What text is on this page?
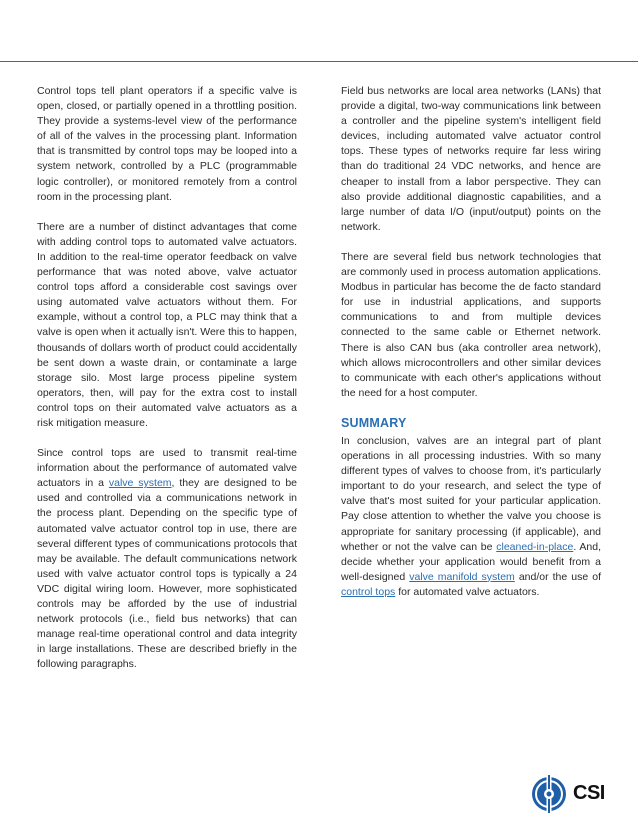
Control tops tell plant operators if a specific valve is open, closed, or partially opened in a throttling position. They provide a systems-level view of the performance of all of the valves in the processing plant. Information that is transmitted by control tops may be looped into a system network, controlled by a PLC (programmable logic controller), or monitored remotely from a control room in the processing plant.

There are a number of distinct advantages that come with adding control tops to automated valve actuators. In addition to the real-time operator feedback on valve performance that was noted above, valve actuator control tops afford a considerable cost savings over using automated valve actuators without them. For example, without a control top, a PLC may think that a valve is open when it actually isn't. Were this to happen, thousands of dollars worth of product could accidentally be sent down a waste drain, or contaminate a large storage silo. Most large process pipeline system operators, then, will pay for the extra cost to install control tops on their automated valve actuators as a risk mitigation measure.

Since control tops are used to transmit real-time information about the performance of automated valve actuators in a valve system, they are designed to be used and controlled via a communications network in the process plant. Depending on the specific type of automated valve actuator control top in use, there are several different types of communications protocols that may be available. The default communications network used with valve actuator control tops is typically a 24 VDC digital wiring loom. However, more sophisticated controls may be afforded by the use of industrial network protocols (i.e., field bus networks) that can manage real-time operational control and data integrity in large installations. These are described briefly in the following paragraphs.

Field bus networks are local area networks (LANs) that provide a digital, two-way communications link between a controller and the pipeline system's intelligent field devices, including automated valve actuator control tops. These types of networks require far less wiring than do traditional 24 VDC networks, and hence are cheaper to install from a labor perspective. They can also provide additional diagnostic capabilities, and a large number of data I/O (input/output) points on the network.

There are several field bus network technologies that are commonly used in process automation applications. Modbus in particular has become the de facto standard for use in industrial applications, and supports communications to and from multiple devices connected to the same cable or Ethernet network. There is also CAN bus (aka controller area network), which allows microcontrollers and other similar devices to communicate with each other's applications without the need for a host computer.

SUMMARY

In conclusion, valves are an integral part of plant operations in all processing industries. With so many different types of valves to choose from, it's particularly important to do your research, and select the type of valve that's most suited for your particular application. Pay close attention to whether the valve you choose is appropriate for sanitary processing (if applicable), and whether or not the valve can be cleaned-in-place. And, decide whether your application would benefit from a well-designed valve manifold system and/or the use of control tops for automated valve actuators.

CSI
